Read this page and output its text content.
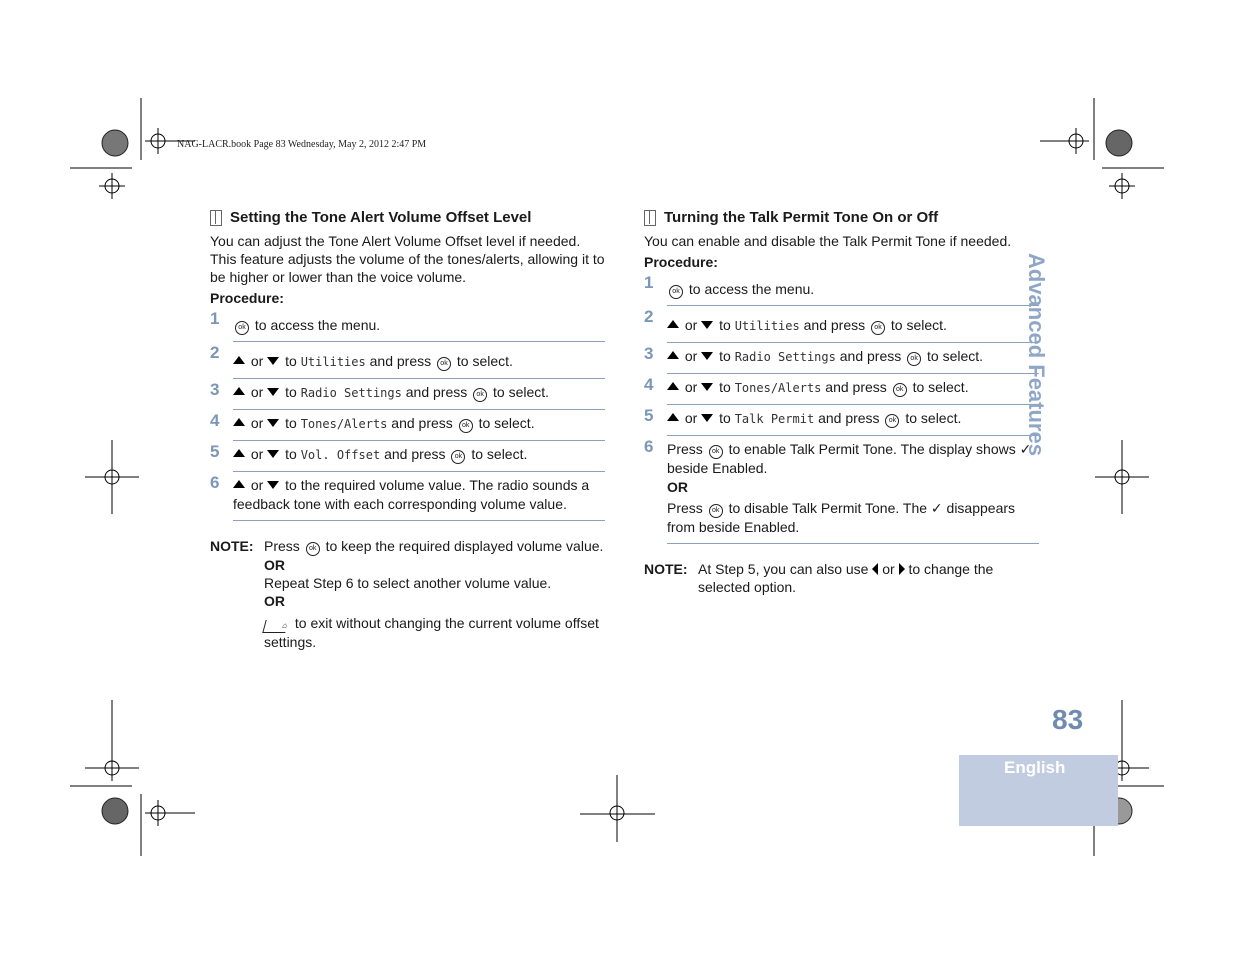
NAG-LACR.book Page 83 Wednesday, May 2, 2012 2:47 PM
Setting the Tone Alert Volume Offset Level

You can adjust the Tone Alert Volume Offset level if needed. This feature adjusts the volume of the tones/alerts, allowing it to be higher or lower than the voice volume.

Procedure:
1	ok to access the menu.
2	or to Utilities and press ok to select.
3	or to Radio Settings and press ok to select.
4	or to Tones/Alerts and press ok to select.
5	or to Vol. Offset and press ok to select.
6	or to the required volume value. The radio sounds a feedback tone with each corresponding volume value.
NOTE: Press ok to keep the required displayed volume value.
OR
Repeat Step 6 to select another volume value.
OR
⌂ to exit without changing the current volume offset settings.
Turning the Talk Permit Tone On or Off

You can enable and disable the Talk Permit Tone if needed.

Procedure:
1	ok to access the menu.
2	or to Utilities and press ok to select.
3	or to Radio Settings and press ok to select.
4	or to Tones/Alerts and press ok to select.
5	or to Talk Permit and press ok to select.
6 Press ok to enable Talk Permit Tone. The display shows ✓ beside Enabled.
OR
Press ok to disable Talk Permit Tone. The ✓ disappears from beside Enabled.
NOTE: At Step 5, you can also use or to change the selected option.
Advanced Features
83
English
